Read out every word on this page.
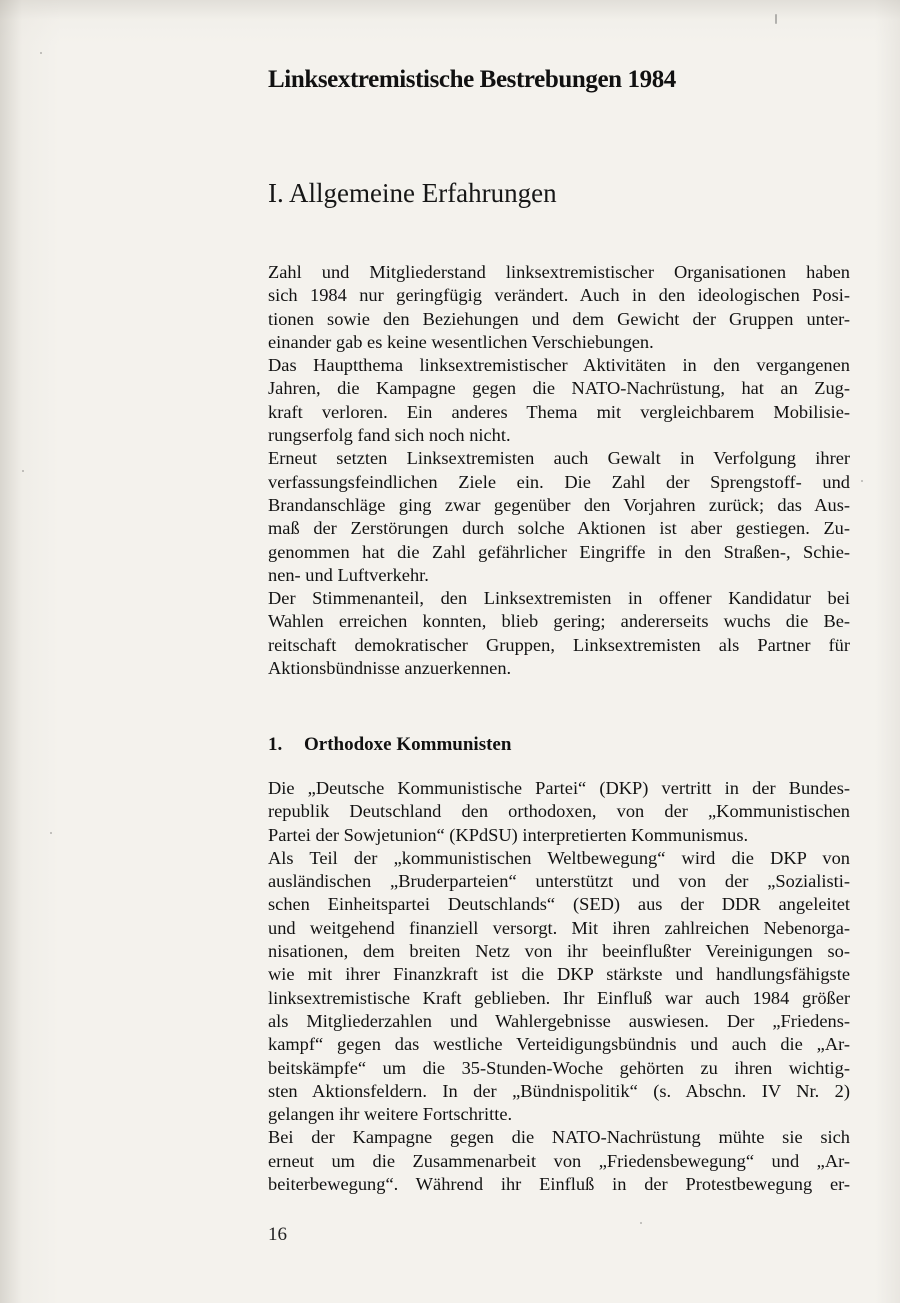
Linksextremistische Bestrebungen 1984
I. Allgemeine Erfahrungen
Zahl und Mitgliederstand linksextremistischer Organisationen haben
sich 1984 nur geringfügig verändert. Auch in den ideologischen Posi-
tionen sowie den Beziehungen und dem Gewicht der Gruppen unter-
einander gab es keine wesentlichen Verschiebungen.
Das Hauptthema linksextremistischer Aktivitäten in den vergangenen
Jahren, die Kampagne gegen die NATO-Nachrüstung, hat an Zug-
kraft verloren. Ein anderes Thema mit vergleichbarem Mobilisie-
rungserfolg fand sich noch nicht.
Erneut setzten Linksextremisten auch Gewalt in Verfolgung ihrer
verfassungsfeindlichen Ziele ein. Die Zahl der Sprengstoff- und
Brandanschläge ging zwar gegenüber den Vorjahren zurück; das Aus-
maß der Zerstörungen durch solche Aktionen ist aber gestiegen. Zu-
genommen hat die Zahl gefährlicher Eingriffe in den Straßen-, Schie-
nen- und Luftverkehr.
Der Stimmenanteil, den Linksextremisten in offener Kandidatur bei
Wahlen erreichen konnten, blieb gering; andererseits wuchs die Be-
reitschaft demokratischer Gruppen, Linksextremisten als Partner für
Aktionsbündnisse anzuerkennen.
1. Orthodoxe Kommunisten
Die „Deutsche Kommunistische Partei“ (DKP) vertritt in der Bundes-
republik Deutschland den orthodoxen, von der „Kommunistischen
Partei der Sowjetunion“ (KPdSU) interpretierten Kommunismus.
Als Teil der „kommunistischen Weltbewegung“ wird die DKP von
ausländischen „Bruderparteien“ unterstützt und von der „Sozialisti-
schen Einheitspartei Deutschlands“ (SED) aus der DDR angeleitet
und weitgehend finanziell versorgt. Mit ihren zahlreichen Nebenorga-
nisationen, dem breiten Netz von ihr beeinflußter Vereinigungen so-
wie mit ihrer Finanzkraft ist die DKP stärkste und handlungsfähigste
linksextremistische Kraft geblieben. Ihr Einfluß war auch 1984 größer
als Mitgliederzahlen und Wahlergebnisse auswiesen. Der „Friedens-
kampf“ gegen das westliche Verteidigungsbündnis und auch die „Ar-
beitskämpfe“ um die 35-Stunden-Woche gehörten zu ihren wichtig-
sten Aktionsfeldern. In der „Bündnispolitik“ (s. Abschn. IV Nr. 2)
gelangen ihr weitere Fortschritte.
Bei der Kampagne gegen die NATO-Nachrüstung mühte sie sich
erneut um die Zusammenarbeit von „Friedensbewegung“ und „Ar-
beiterbewegung“. Während ihr Einfluß in der Protestbewegung er-

16
